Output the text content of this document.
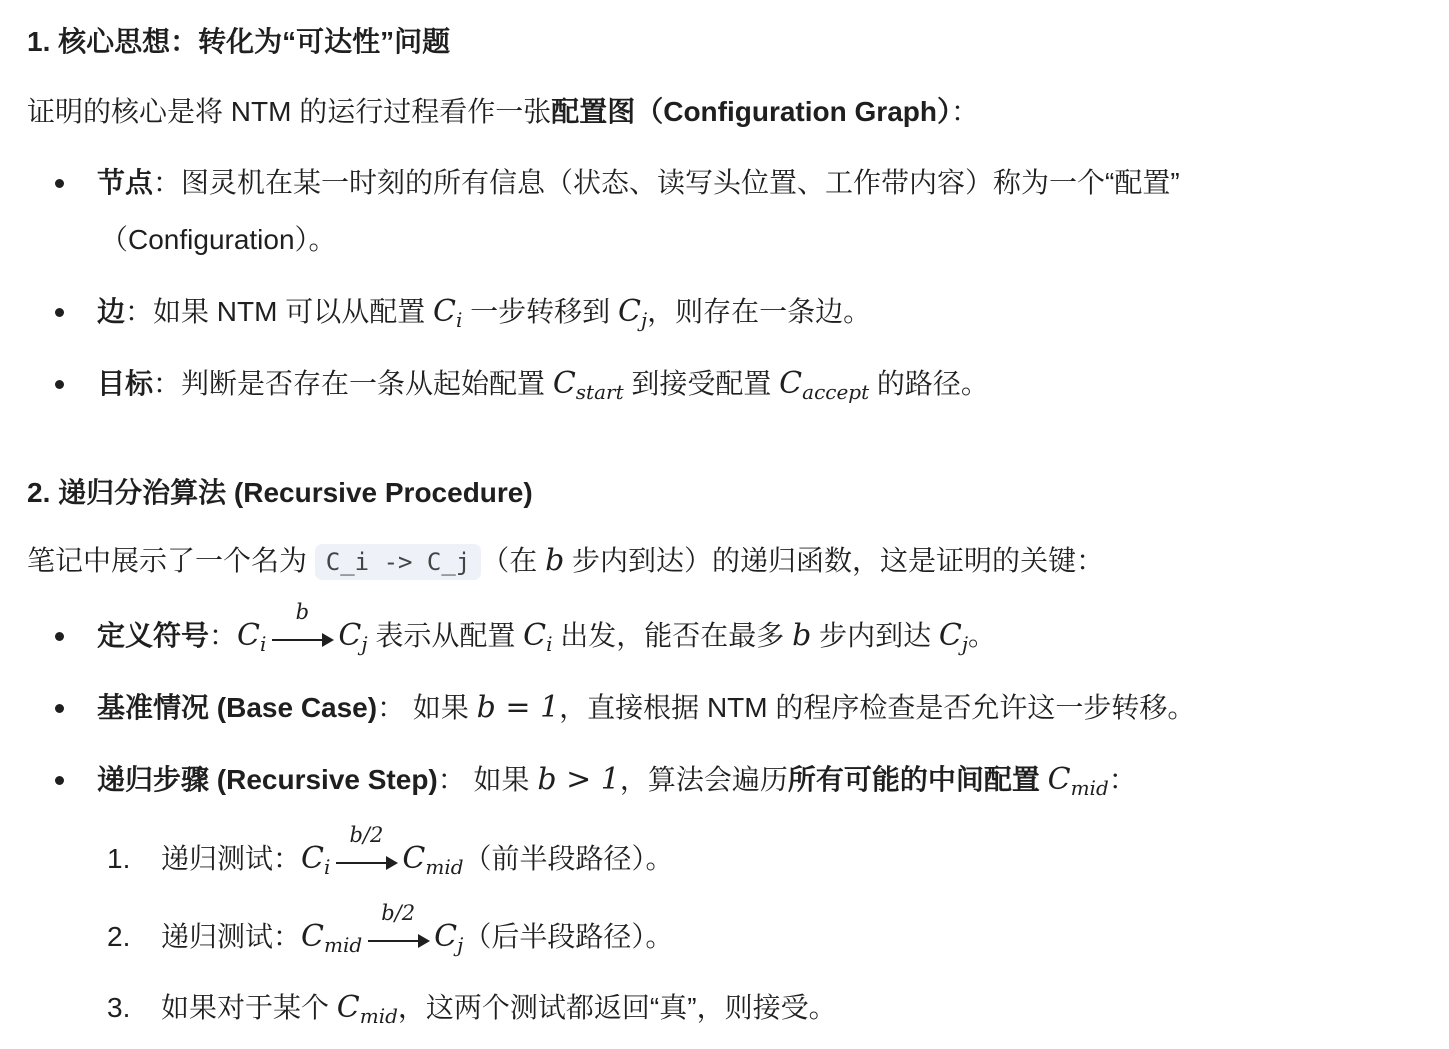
1. 核心思想：转化为“可达性”问题
证明的核心是将 NTM 的运行过程看作一张配置图（Configuration Graph）：
节点：图灵机在某一时刻的所有信息（状态、读写头位置、工作带内容）称为一个“配置”
（Configuration）。
边：如果 NTM 可以从配置 $C_i$ 一步转移到 $C_j$，则存在一条边。
目标：判断是否存在一条从起始配置 $C_{start}$ 到接受配置 $C_{accept}$ 的路径。
2. 递归分治算法 (Recursive Procedure)
笔记中展示了一个名为 C_i -> C_j （在 b 步内到达）的递归函数，这是证明的关键：
定义符号：$C_i$
b
$C_j$ 表示从配置 $C_i$ 出发，能否在最多 b 步内到达 $C_j$。
基准情况 (Base Case)： 如果 b = 1，直接根据 NTM 的程序检查是否允许这一步转移。
递归步骤 (Recursive Step)： 如果 b > 1，算法会遍历所有可能的中间配置 $C_{mid}$：
1. 递归测试：$C_i$
b/2
$C_{mid}$（前半段路径）。
2. 递归测试：$C_{mid}$
b/2
$C_j$（后半段路径）。
3. 如果对于某个 $C_{mid}$，这两个测试都返回“真”，则接受。
